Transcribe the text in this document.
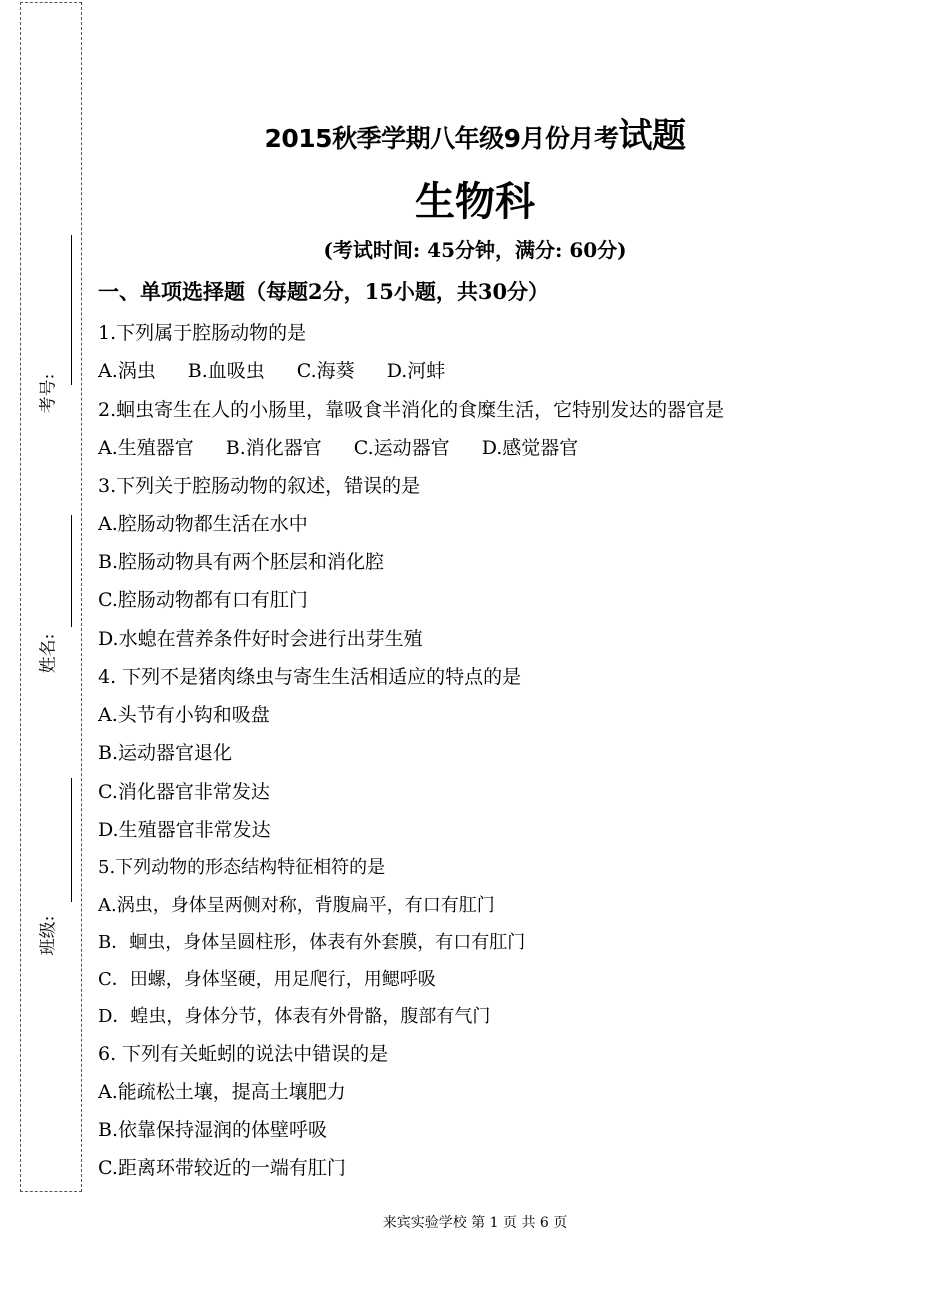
考号:
姓名:
班级:
2015秋季学期八年级9月份月考试题
生物科
(考试时间: 45分钟，满分: 60分)
一、单项选择题（每题2分，15小题，共30分）
1.下列属于腔肠动物的是
A.涡虫 B.血吸虫 C.海葵 D.河蚌
2.蛔虫寄生在人的小肠里，靠吸食半消化的食糜生活，它特别发达的器官是
A.生殖器官 B.消化器官 C.运动器官 D.感觉器官
3.下列关于腔肠动物的叙述，错误的是
A.腔肠动物都生活在水中
B.腔肠动物具有两个胚层和消化腔
C.腔肠动物都有口有肛门
D.水螅在营养条件好时会进行出芽生殖
4. 下列不是猪肉绦虫与寄生生活相适应的特点的是
A.头节有小钩和吸盘
B.运动器官退化
C.消化器官非常发达
D.生殖器官非常发达
5.下列动物的形态结构特征相符的是
A.涡虫，身体呈两侧对称，背腹扁平，有口有肛门
B．蛔虫，身体呈圆柱形，体表有外套膜，有口有肛门
C．田螺，身体坚硬，用足爬行，用鳃呼吸
D．蝗虫，身体分节，体表有外骨骼，腹部有气门
6. 下列有关蚯蚓的说法中错误的是
A.能疏松土壤，提高土壤肥力
B.依靠保持湿润的体壁呼吸
C.距离环带较近的一端有肛门
来宾实验学校 第 1 页 共 6 页
